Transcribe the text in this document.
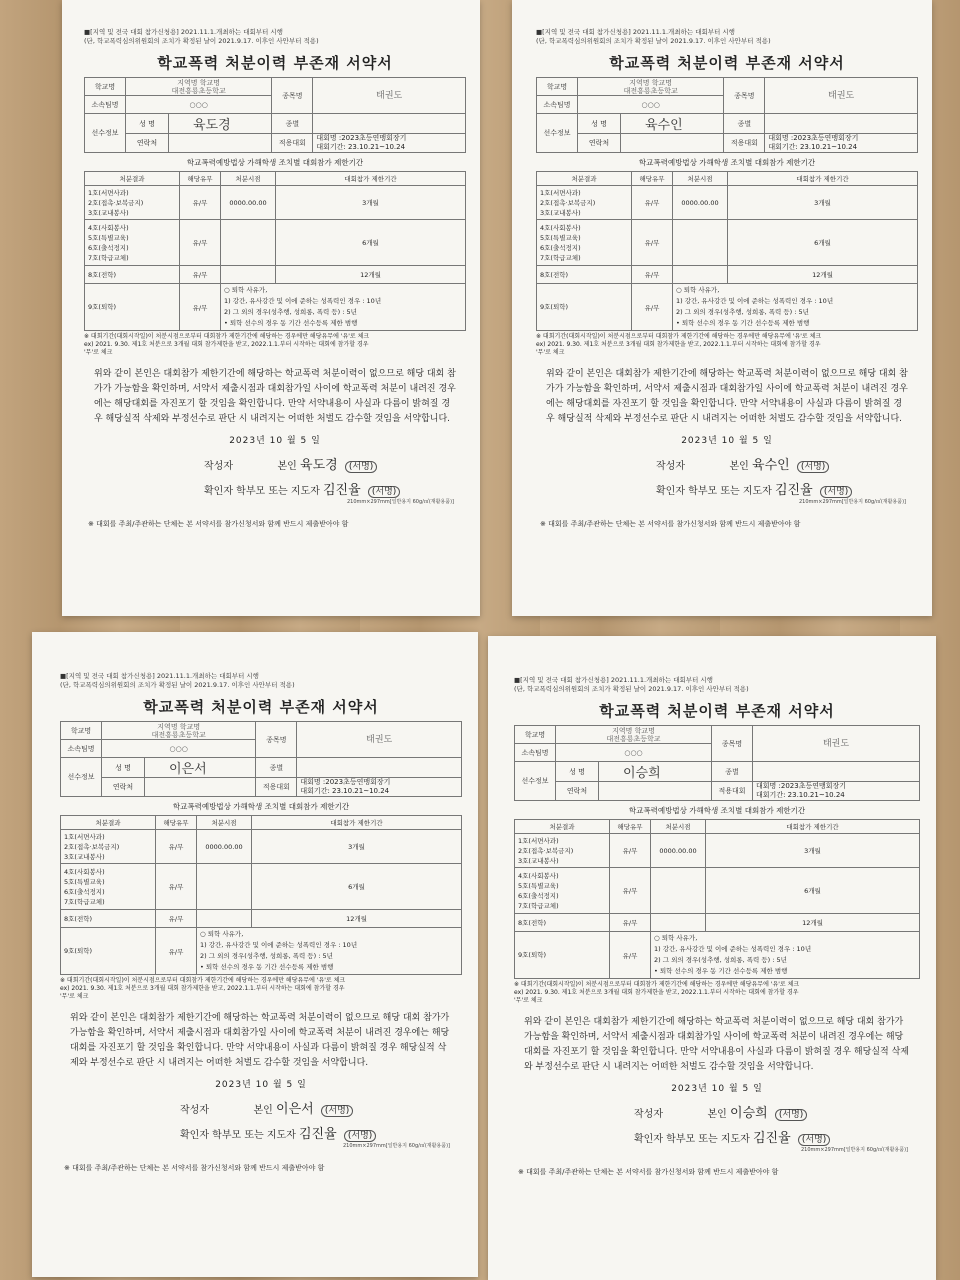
■[지역 및 전국 대회 참가신청용] 2021.11.1.개최하는 대회부터 시행
(단, 학교폭력심의위원회의 조치가 확정된 날이 2021.9.17. 이후인 사안부터 적용)
학교폭력 처분이력 부존재 서약서
학교명	지역명 학교명
대전흥룡초등학교		종목명	태권도
소속팀명	○○○			
선수정보	성 명	육도경	종별	
	연락처		적용대회	대회명 :2023초등연맹회장기
대회기간: 23.10.21~10.24
학교폭력예방법상 가해학생 조치별 대회참가 제한기간
처분결과	해당유무	처분시점	대회참가 제한기간

1호(서면사과)
2호(접촉·보복금지)
3호(교내봉사)	유/무	0000.00.00	3개월

4호(사회봉사)
5호(특별교육)
6호(출석정지)
7호(학급교체)	유/무		6개월
8호(전학)	유/무		12개월
9호(퇴학)	유/무	○ 퇴학 사유가,
1) 강간, 유사강간 및 이에 준하는 성폭력인 경우 : 10년
2) 그 외의 경우(성추행, 성희롱, 폭력 등) : 5년
• 퇴학 선수의 경우 동 기간 선수등록 제한 범행	
※ 대회기간(대회시작일)이 처분시점으로부터 대회참가 제한기간에 해당하는 경우에만 해당유무에 '유'로 체크
ex) 2021. 9.30. 제1호 처분으로 3개월 대회 참가제한을 받고, 2022.1.1.부터 시작하는 대회에 참가할 경우
'무'로 체크
위와 같이 본인은 대회참가 제한기간에 해당하는 학교폭력 처분이력이 없으므로 해당 대회 참가가 가능함을 확인하며, 서약서 제출시점과 대회참가일 사이에 학교폭력 처분이 내려진 경우에는 해당대회를 자진포기 할 것임을 확인합니다. 만약 서약내용이 사실과 다름이 밝혀질 경우 해당실적 삭제와 부정선수로 판단 시 내려지는 어떠한 처벌도 감수할 것임을 서약합니다.
2023년 10 월 5 일
작성자	본인 육도경 (서명)
확인자 학부모 또는 지도자 김진율 (서명)
210mm×297mm[일반용지 60g/㎡(재활용품)]
※ 대회를 주최/주관하는 단체는 본 서약서를 참가신청서와 함께 반드시 제출받아야 함
■[지역 및 전국 대회 참가신청용] 2021.11.1.개최하는 대회부터 시행
(단, 학교폭력심의위원회의 조치가 확정된 날이 2021.9.17. 이후인 사안부터 적용)
학교폭력 처분이력 부존재 서약서
학교명	지역명 학교명
대전흥룡초등학교		종목명	태권도
소속팀명	○○○			
선수정보	성 명	육수인	종별	
	연락처		적용대회	대회명 :2023초등연맹회장기
대회기간: 23.10.21~10.24
학교폭력예방법상 가해학생 조치별 대회참가 제한기간
처분결과	해당유무	처분시점	대회참가 제한기간

1호(서면사과)
2호(접촉·보복금지)
3호(교내봉사)	유/무	0000.00.00	3개월

4호(사회봉사)
5호(특별교육)
6호(출석정지)
7호(학급교체)	유/무		6개월
8호(전학)	유/무		12개월
9호(퇴학)	유/무	○ 퇴학 사유가,
1) 강간, 유사강간 및 이에 준하는 성폭력인 경우 : 10년
2) 그 외의 경우(성추행, 성희롱, 폭력 등) : 5년
• 퇴학 선수의 경우 동 기간 선수등록 제한 범행	
※ 대회기간(대회시작일)이 처분시점으로부터 대회참가 제한기간에 해당하는 경우에만 해당유무에 '유'로 체크
ex) 2021. 9.30. 제1호 처분으로 3개월 대회 참가제한을 받고, 2022.1.1.부터 시작하는 대회에 참가할 경우
'무'로 체크
위와 같이 본인은 대회참가 제한기간에 해당하는 학교폭력 처분이력이 없으므로 해당 대회 참가가 가능함을 확인하며, 서약서 제출시점과 대회참가일 사이에 학교폭력 처분이 내려진 경우에는 해당대회를 자진포기 할 것임을 확인합니다. 만약 서약내용이 사실과 다름이 밝혀질 경우 해당실적 삭제와 부정선수로 판단 시 내려지는 어떠한 처벌도 감수할 것임을 서약합니다.
2023년 10 월 5 일
작성자	본인 육수인 (서명)
확인자 학부모 또는 지도자 김진율 (서명)
210mm×297mm[일반용지 60g/㎡(재활용품)]
※ 대회를 주최/주관하는 단체는 본 서약서를 참가신청서와 함께 반드시 제출받아야 함
■[지역 및 전국 대회 참가신청용] 2021.11.1.개최하는 대회부터 시행
(단, 학교폭력심의위원회의 조치가 확정된 날이 2021.9.17. 이후인 사안부터 적용)
학교폭력 처분이력 부존재 서약서
학교명	지역명 학교명
대전흥룡초등학교		종목명	태권도
소속팀명	○○○			
선수정보	성 명	이은서	종별	
	연락처		적용대회	대회명 :2023초등연맹회장기
대회기간: 23.10.21~10.24
학교폭력예방법상 가해학생 조치별 대회참가 제한기간
처분결과	해당유무	처분시점	대회참가 제한기간

1호(서면사과)
2호(접촉·보복금지)
3호(교내봉사)	유/무	0000.00.00	3개월

4호(사회봉사)
5호(특별교육)
6호(출석정지)
7호(학급교체)	유/무		6개월
8호(전학)	유/무		12개월
9호(퇴학)	유/무	○ 퇴학 사유가,
1) 강간, 유사강간 및 이에 준하는 성폭력인 경우 : 10년
2) 그 외의 경우(성추행, 성희롱, 폭력 등) : 5년
• 퇴학 선수의 경우 동 기간 선수등록 제한 범행	
※ 대회기간(대회시작일)이 처분시점으로부터 대회참가 제한기간에 해당하는 경우에만 해당유무에 '유'로 체크
ex) 2021. 9.30. 제1호 처분으로 3개월 대회 참가제한을 받고, 2022.1.1.부터 시작하는 대회에 참가할 경우
'무'로 체크
위와 같이 본인은 대회참가 제한기간에 해당하는 학교폭력 처분이력이 없으므로 해당 대회 참가가 가능함을 확인하며, 서약서 제출시점과 대회참가일 사이에 학교폭력 처분이 내려진 경우에는 해당대회를 자진포기 할 것임을 확인합니다. 만약 서약내용이 사실과 다름이 밝혀질 경우 해당실적 삭제와 부정선수로 판단 시 내려지는 어떠한 처벌도 감수할 것임을 서약합니다.
2023년 10 월 5 일
작성자	본인 이은서 (서명)
확인자 학부모 또는 지도자 김진율 (서명)
210mm×297mm[일반용지 60g/㎡(재활용품)]
※ 대회를 주최/주관하는 단체는 본 서약서를 참가신청서와 함께 반드시 제출받아야 함
■[지역 및 전국 대회 참가신청용] 2021.11.1.개최하는 대회부터 시행
(단, 학교폭력심의위원회의 조치가 확정된 날이 2021.9.17. 이후인 사안부터 적용)
학교폭력 처분이력 부존재 서약서
학교명	지역명 학교명
대전흥룡초등학교		종목명	태권도
소속팀명	○○○			
선수정보	성 명	이승희	종별	
	연락처		적용대회	대회명 :2023초등연맹회장기
대회기간: 23.10.21~10.24
학교폭력예방법상 가해학생 조치별 대회참가 제한기간
처분결과	해당유무	처분시점	대회참가 제한기간

1호(서면사과)
2호(접촉·보복금지)
3호(교내봉사)	유/무	0000.00.00	3개월

4호(사회봉사)
5호(특별교육)
6호(출석정지)
7호(학급교체)	유/무		6개월
8호(전학)	유/무		12개월
9호(퇴학)	유/무	○ 퇴학 사유가,
1) 강간, 유사강간 및 이에 준하는 성폭력인 경우 : 10년
2) 그 외의 경우(성추행, 성희롱, 폭력 등) : 5년
• 퇴학 선수의 경우 동 기간 선수등록 제한 범행	
※ 대회기간(대회시작일)이 처분시점으로부터 대회참가 제한기간에 해당하는 경우에만 해당유무에 '유'로 체크
ex) 2021. 9.30. 제1호 처분으로 3개월 대회 참가제한을 받고, 2022.1.1.부터 시작하는 대회에 참가할 경우
'무'로 체크
위와 같이 본인은 대회참가 제한기간에 해당하는 학교폭력 처분이력이 없으므로 해당 대회 참가가 가능함을 확인하며, 서약서 제출시점과 대회참가일 사이에 학교폭력 처분이 내려진 경우에는 해당대회를 자진포기 할 것임을 확인합니다. 만약 서약내용이 사실과 다름이 밝혀질 경우 해당실적 삭제와 부정선수로 판단 시 내려지는 어떠한 처벌도 감수할 것임을 서약합니다.
2023년 10 월 5 일
작성자	본인 이승희 (서명)
확인자 학부모 또는 지도자 김진율 (서명)
210mm×297mm[일반용지 60g/㎡(재활용품)]
※ 대회를 주최/주관하는 단체는 본 서약서를 참가신청서와 함께 반드시 제출받아야 함
